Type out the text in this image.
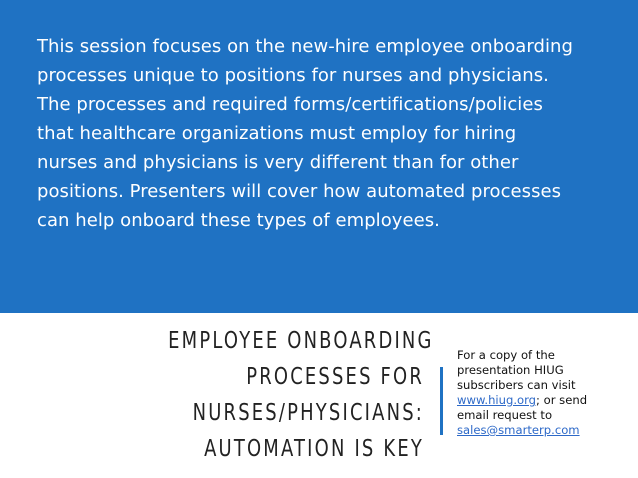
This session focuses on the new-hire employee onboarding
processes unique to positions for nurses and physicians.
The processes and required forms/certifications/policies
that healthcare organizations must employ for hiring
nurses and physicians is very different than for other
positions. Presenters will cover how automated processes
can help onboard these types of employees.

EMPLOYEE ONBOARDING
PROCESSES FOR
NURSES/PHYSICIANS:
AUTOMATION IS KEY

For a copy of the
presentation HIUG
subscribers can visit
www.hiug.org; or send
email request to
sales@smarterp.com
